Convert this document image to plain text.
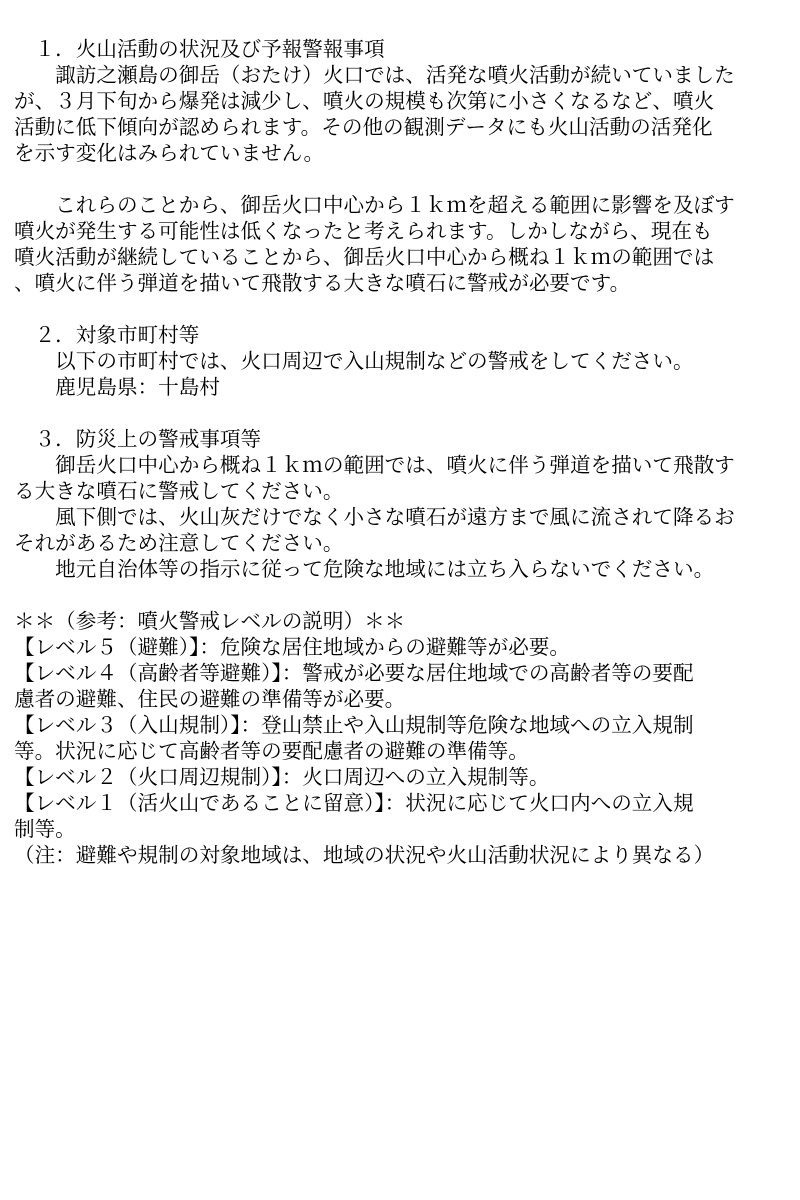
　１．火山活動の状況及び予報警報事項
　　諏訪之瀬島の御岳（おたけ）火口では、活発な噴火活動が続いていました
が、３月下旬から爆発は減少し、噴火の規模も次第に小さくなるなど、噴火
活動に低下傾向が認められます。その他の観測データにも火山活動の活発化
を示す変化はみられていません。
　　これらのことから、御岳火口中心から１ｋｍを超える範囲に影響を及ぼす
噴火が発生する可能性は低くなったと考えられます。しかしながら、現在も
噴火活動が継続していることから、御岳火口中心から概ね１ｋｍの範囲では
、噴火に伴う弾道を描いて飛散する大きな噴石に警戒が必要です。
　２．対象市町村等
　　以下の市町村では、火口周辺で入山規制などの警戒をしてください。
　　鹿児島県：十島村
　３．防災上の警戒事項等
　　御岳火口中心から概ね１ｋｍの範囲では、噴火に伴う弾道を描いて飛散す
る大きな噴石に警戒してください。
　　風下側では、火山灰だけでなく小さな噴石が遠方まで風に流されて降るお
それがあるため注意してください。
　　地元自治体等の指示に従って危険な地域には立ち入らないでください。
＊＊（参考：噴火警戒レベルの説明）＊＊
【レベル５（避難）】：危険な居住地域からの避難等が必要。
【レベル４（高齢者等避難）】：警戒が必要な居住地域での高齢者等の要配
慮者の避難、住民の避難の準備等が必要。
【レベル３（入山規制）】：登山禁止や入山規制等危険な地域への立入規制
等。状況に応じて高齢者等の要配慮者の避難の準備等。
【レベル２（火口周辺規制）】：火口周辺への立入規制等。
【レベル１（活火山であることに留意）】：状況に応じて火口内への立入規
制等。
（注：避難や規制の対象地域は、地域の状況や火山活動状況により異なる）
